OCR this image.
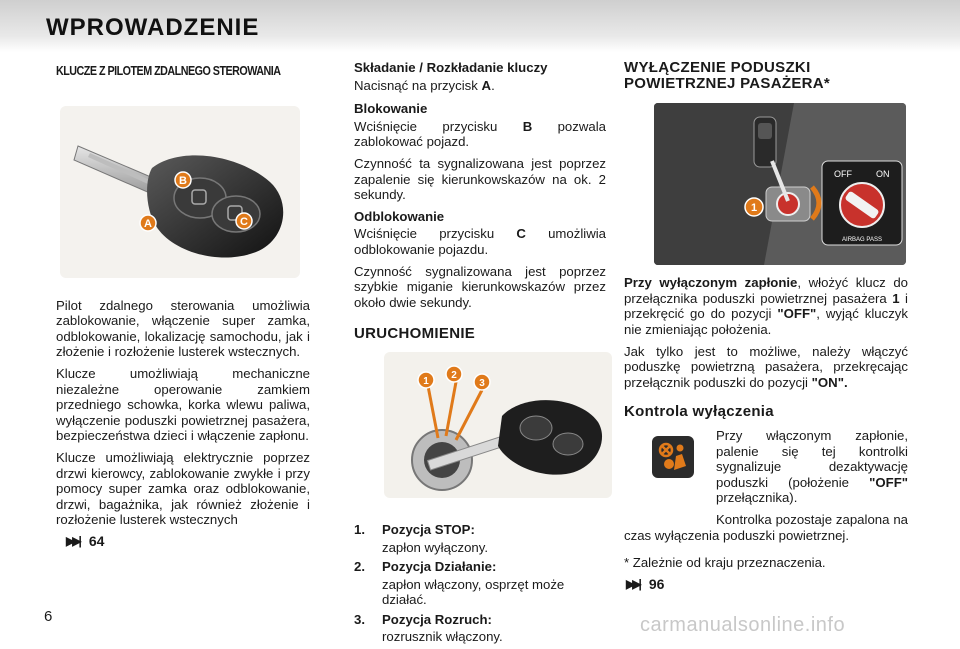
WPROWADZENIE
KLUCZE Z PILOTEM ZDALNEGO STEROWANIA
B
A	C

Pilot zdalnego sterowania umożliwia zablokowanie, włączenie super zamka, odblokowanie, lokalizację samochodu, jak i złożenie i rozłożenie lusterek wstecznych.

Klucze umożliwiają mechaniczne niezależne operowanie zamkiem przedniego schowka, korka wlewu paliwa, wyłączenie poduszki powietrznej pasażera, bezpieczeństwa dzieci i włączenie zapłonu.

Klucze umożliwiają elektrycznie poprzez drzwi kierowcy, zablokowanie zwykłe i przy pomocy super zamka oraz odblokowanie, drzwi, bagażnika, jak również złożenie i rozłożenie lusterek wstecznych

▶▶| 64
Składanie / Rozkładanie kluczy

Nacisnąć na przycisk A.

Blokowanie

Wciśnięcie przycisku B pozwala zablokować pojazd.

Czynność ta sygnalizowana jest poprzez zapalenie się kierunkowskazów na ok. 2 sekundy.

Odblokowanie

Wciśnięcie przycisku C umożliwia odblokowanie pojazdu.

Czynność sygnalizowana jest poprzez szybkie miganie kierunkowskazów przez około dwie sekundy.

URUCHOMIENIE
1
2
3
1. Pozycja STOP:
zapłon wyłączony.
2. Pozycja Działanie:
zapłon włączony, osprzęt może działać.
3. Pozycja Rozruch:
rozrusznik włączony.
WYŁĄCZENIE PODUSZKI
POWIETRZNEJ PASAŻERA*
1
OFF	ON
AIRBAG PASS

Przy wyłączonym zapłonie, włożyć klucz do przełącznika poduszki powietrznej pasażera 1 i przekręcić go do pozycji "OFF", wyjąć kluczyk nie zmieniając położenia.

Jak tylko jest to możliwe, należy włączyć poduszkę powietrzną pasażera, przekręcając przełącznik poduszki do pozycji "ON".

Kontrola wyłączenia

Przy włączonym zapłonie, palenie się tej kontrolki sygnalizuje dezaktywację poduszki (położenie "OFF" przełącznika).

Kontrolka pozostaje zapalona na czas wyłączenia poduszki powietrznej.

* Zależnie od kraju przeznaczenia.

▶▶| 96
6	carmanualsonline.info
